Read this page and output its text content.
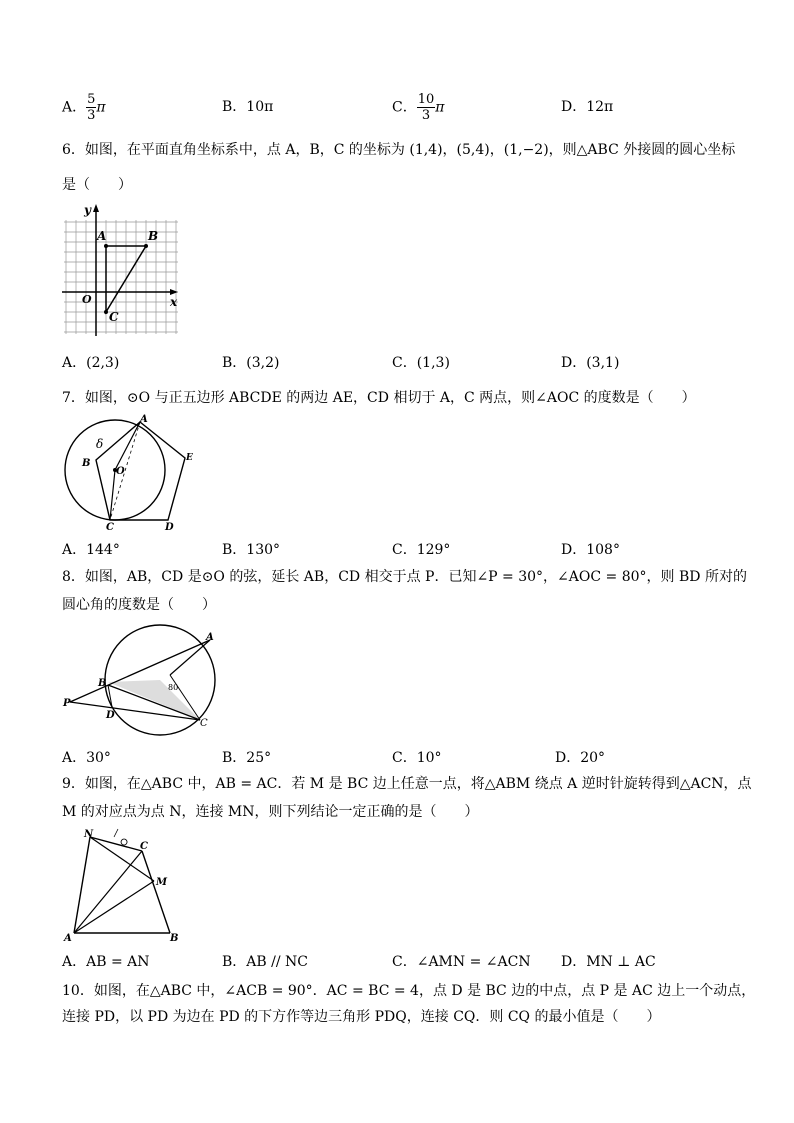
A． $\frac{5}{3}$ π	B．10π	C． $\frac{10}{3}$ π	D．12π
6．如图，在平面直角坐标系中，点 A，B，C 的坐标为 (1,4)，(5,4)，(1,−2)，则△ABC 外接圆的圆心坐标
是（　　）
y
x
O
A	B
C
A．(2,3)	B．(3,2)	C．(1,3)	D．(3,1)
7．如图，⊙O 与正五边形 ABCDE 的两边 AE，CD 相切于 A，C 两点，则∠AOC 的度数是（　　）
A
B
C	D
E
O
δ
A．144°	B．130°	C．129°	D．108°
8．如图，AB，CD 是⊙O 的弦，延长 AB，CD 相交于点 P．已知∠P = 30°，∠AOC = 80°，则 BD 所对的
圆心角的度数是（　　）
A
B
C
D
P
80
A．30°	B．25°	C．10°	D．20°
9．如图，在△ABC 中，AB = AC．若 M 是 BC 边上任意一点，将△ABM 绕点 A 逆时针旋转得到△ACN，点
M 的对应点为点 N，连接 MN，则下列结论一定正确的是（　　）
N
C
M
A	B
A．AB = AN	B．AB // NC	C．∠AMN = ∠ACN D．MN ⊥ AC
10．如图，在△ABC 中，∠ACB = 90°．AC = BC = 4，点 D 是 BC 边的中点，点 P 是 AC 边上一个动点，
连接 PD，以 PD 为边在 PD 的下方作等边三角形 PDQ，连接 CQ．则 CQ 的最小值是（　　）
